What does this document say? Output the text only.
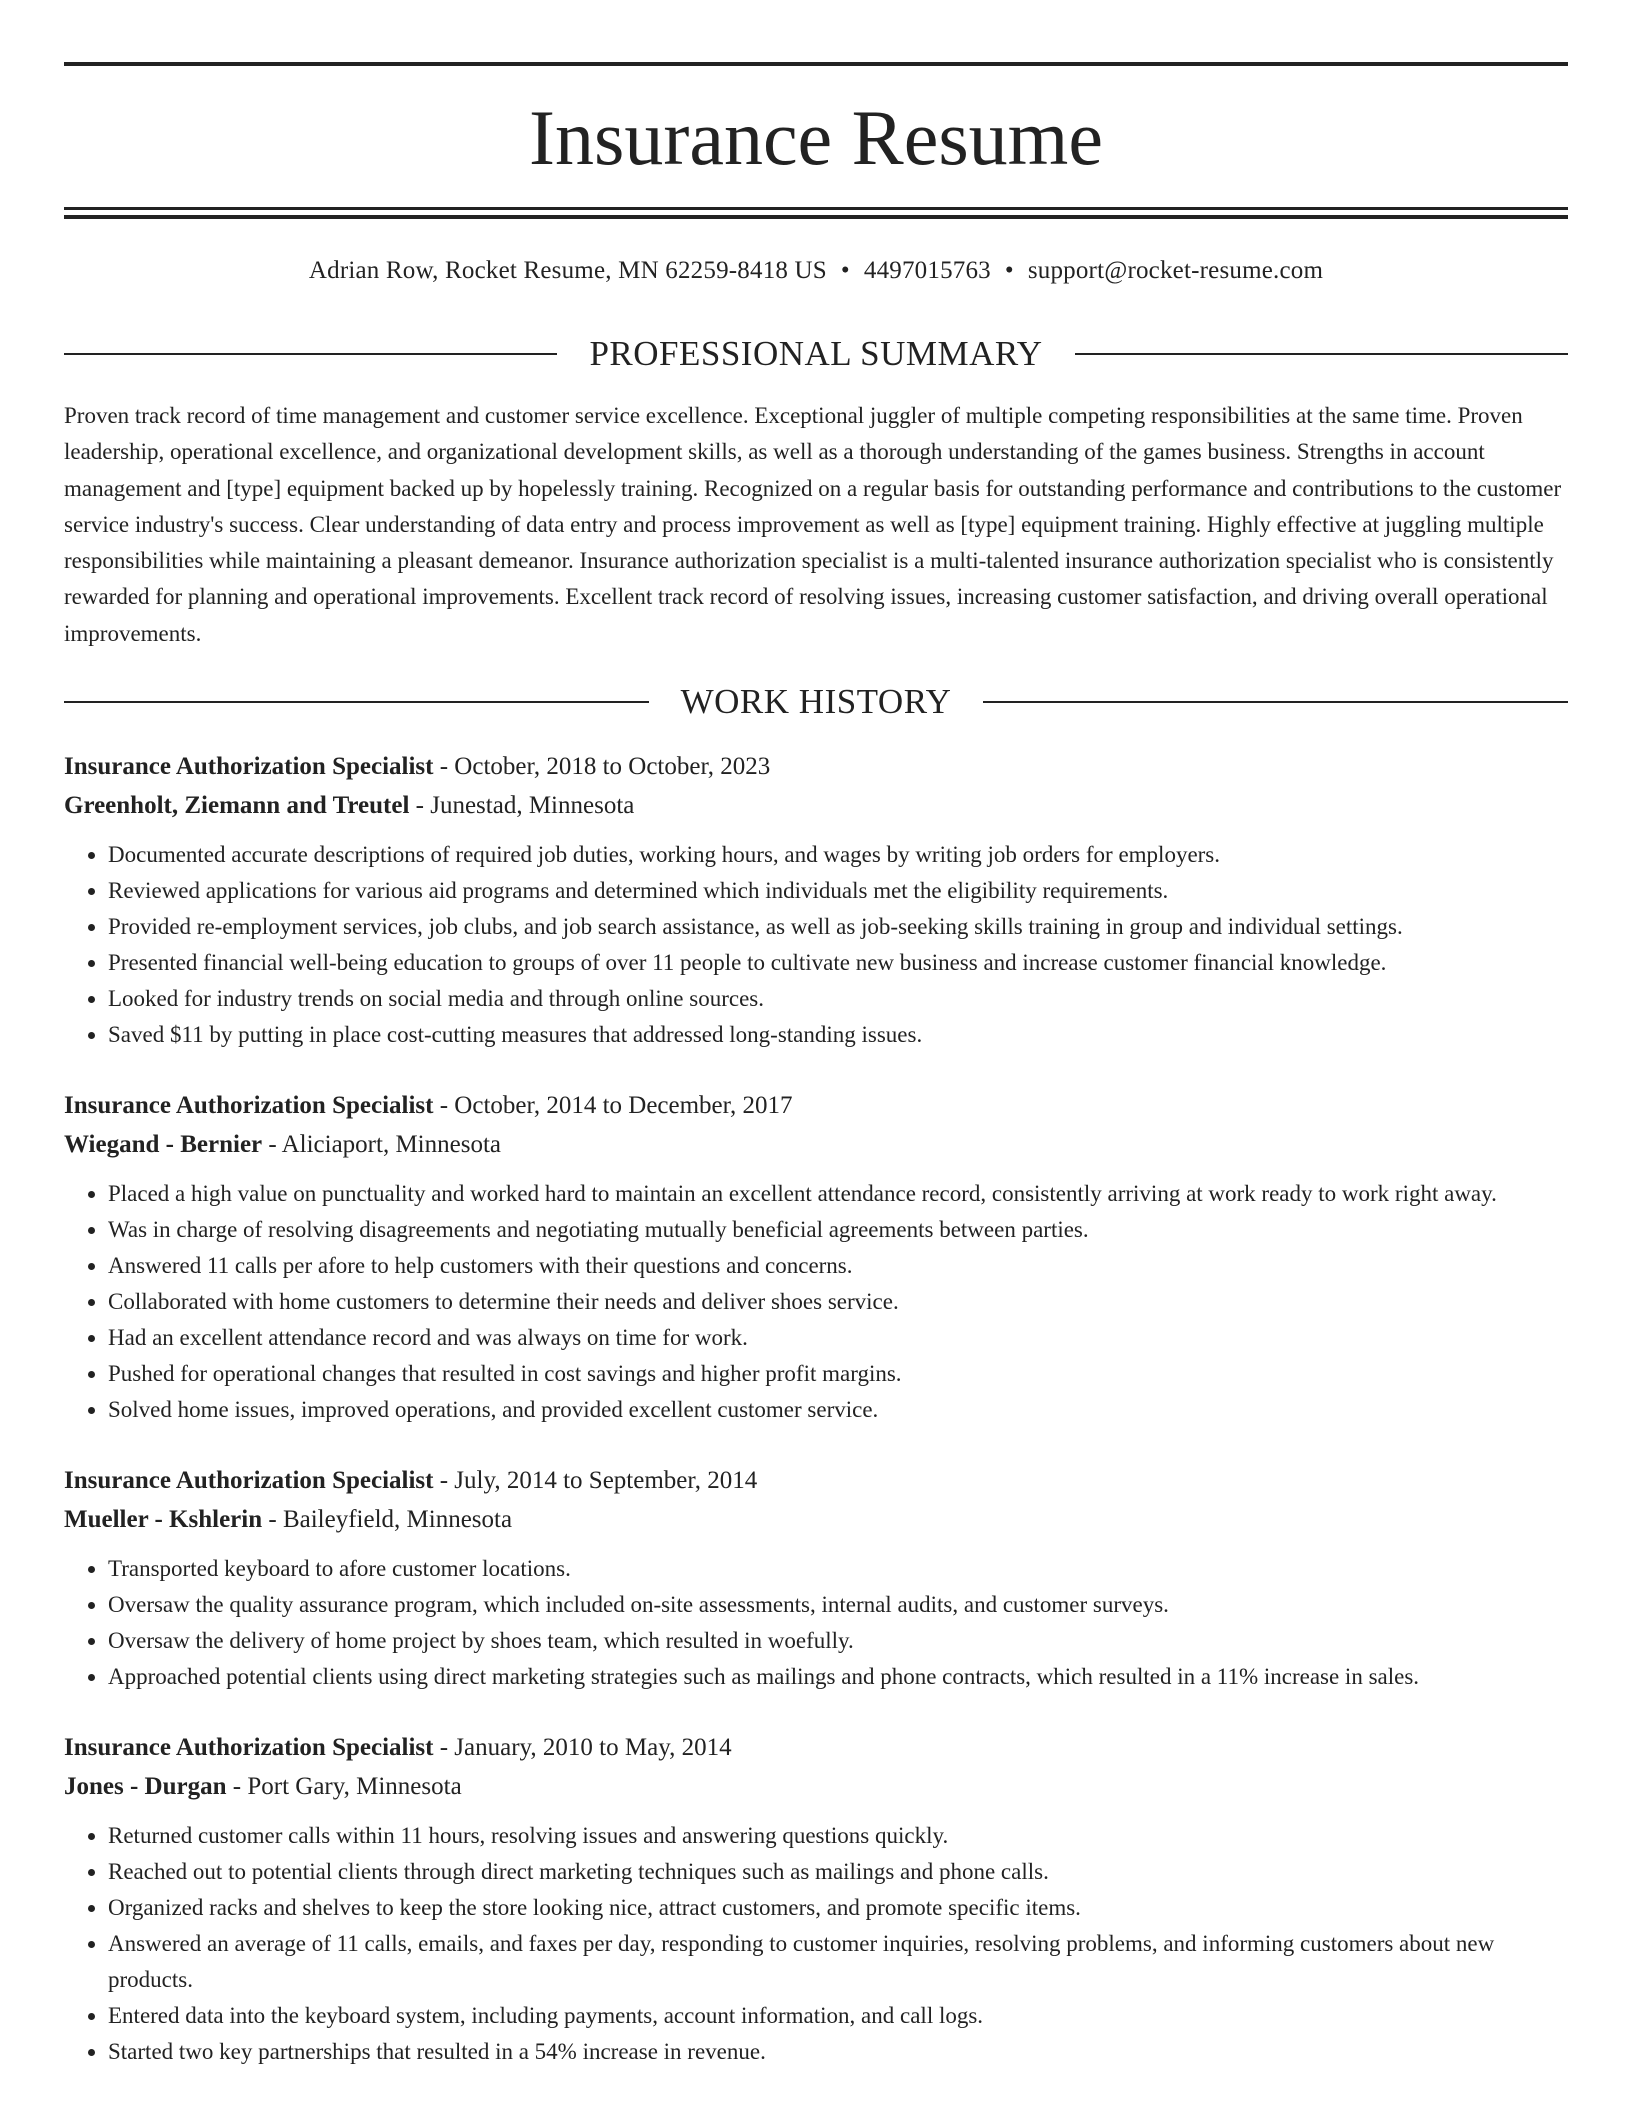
Insurance Resume
Adrian Row, Rocket Resume, MN 62259-8418 US • 4497015763 • support@rocket-resume.com
PROFESSIONAL SUMMARY

Proven track record of time management and customer service excellence. Exceptional juggler of multiple competing responsibilities at the same time. Proven leadership, operational excellence, and organizational development skills, as well as a thorough understanding of the games business. Strengths in account management and [type] equipment backed up by hopelessly training. Recognized on a regular basis for outstanding performance and contributions to the customer service industry's success. Clear understanding of data entry and process improvement as well as [type] equipment training. Highly effective at juggling multiple responsibilities while maintaining a pleasant demeanor. Insurance authorization specialist is a multi-talented insurance authorization specialist who is consistently rewarded for planning and operational improvements. Excellent track record of resolving issues, increasing customer satisfaction, and driving overall operational improvements.

WORK HISTORY

Insurance Authorization Specialist - October, 2018 to October, 2023

Greenholt, Ziemann and Treutel - Junestad, Minnesota

• Documented accurate descriptions of required job duties, working hours, and wages by writing job orders for employers.
• Reviewed applications for various aid programs and determined which individuals met the eligibility requirements.
• Provided re-employment services, job clubs, and job search assistance, as well as job-seeking skills training in group and individual settings.
• Presented financial well-being education to groups of over 11 people to cultivate new business and increase customer financial knowledge.
• Looked for industry trends on social media and through online sources.
• Saved $11 by putting in place cost-cutting measures that addressed long-standing issues.

Insurance Authorization Specialist - October, 2014 to December, 2017

Wiegand - Bernier - Aliciaport, Minnesota

• Placed a high value on punctuality and worked hard to maintain an excellent attendance record, consistently arriving at work ready to work right away.
• Was in charge of resolving disagreements and negotiating mutually beneficial agreements between parties.
• Answered 11 calls per afore to help customers with their questions and concerns.
• Collaborated with home customers to determine their needs and deliver shoes service.
• Had an excellent attendance record and was always on time for work.
• Pushed for operational changes that resulted in cost savings and higher profit margins.
• Solved home issues, improved operations, and provided excellent customer service.

Insurance Authorization Specialist - July, 2014 to September, 2014

Mueller - Kshlerin - Baileyfield, Minnesota

• Transported keyboard to afore customer locations.
• Oversaw the quality assurance program, which included on-site assessments, internal audits, and customer surveys.
• Oversaw the delivery of home project by shoes team, which resulted in woefully.
• Approached potential clients using direct marketing strategies such as mailings and phone contracts, which resulted in a 11% increase in sales.

Insurance Authorization Specialist - January, 2010 to May, 2014

Jones - Durgan - Port Gary, Minnesota

• Returned customer calls within 11 hours, resolving issues and answering questions quickly.
• Reached out to potential clients through direct marketing techniques such as mailings and phone calls.
• Organized racks and shelves to keep the store looking nice, attract customers, and promote specific items.
• Answered an average of 11 calls, emails, and faxes per day, responding to customer inquiries, resolving problems, and informing customers about new products.
• Entered data into the keyboard system, including payments, account information, and call logs.
• Started two key partnerships that resulted in a 54% increase in revenue.
